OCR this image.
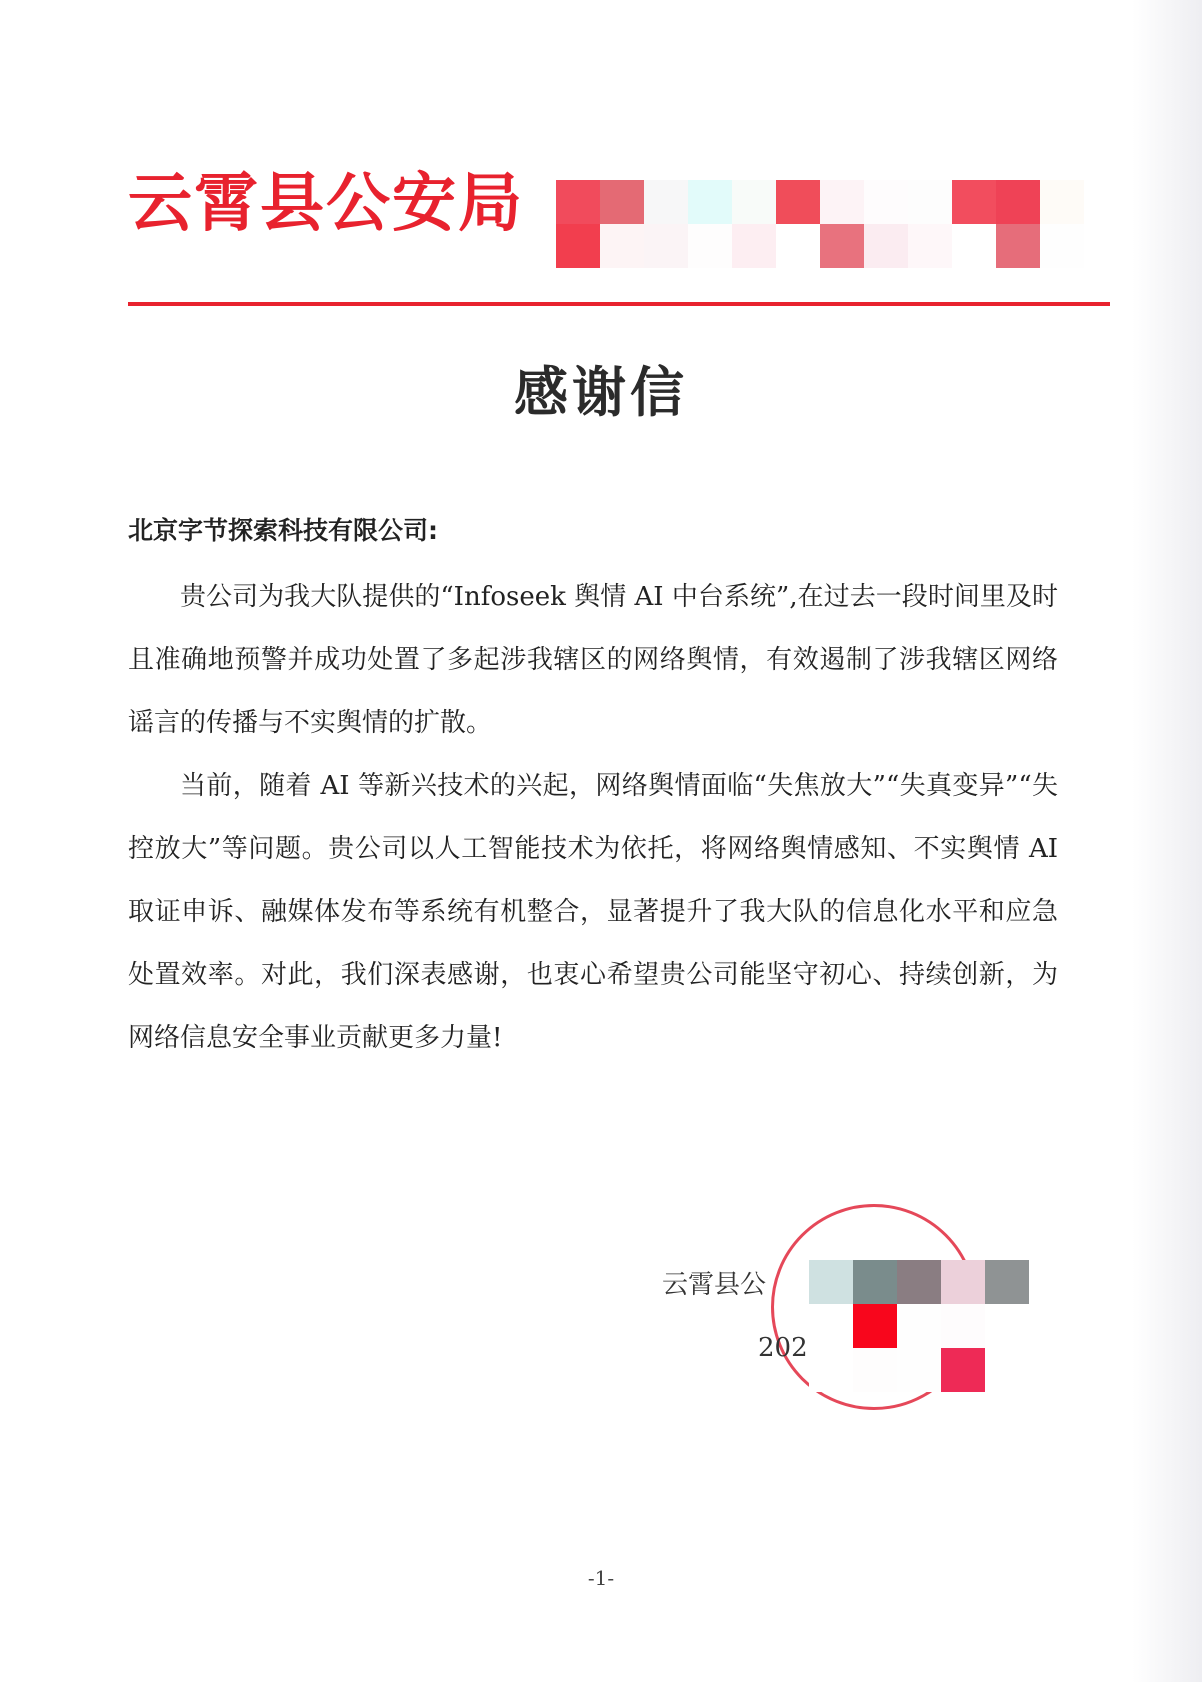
云霄县公安局
感谢信
北京字节探索科技有限公司:

贵公司为我大队提供的“Infoseek 舆情 AI 中台系统”,在过去一段时间里及时且准确地预警并成功处置了多起涉我辖区的网络舆情，有效遏制了涉我辖区网络谣言的传播与不实舆情的扩散。

当前，随着 AI 等新兴技术的兴起，网络舆情面临“失焦放大”“失真变异”“失控放大”等问题。贵公司以人工智能技术为依托，将网络舆情感知、不实舆情 AI 取证申诉、融媒体发布等系统有机整合，显著提升了我大队的信息化水平和应急处置效率。对此，我们深表感谢，也衷心希望贵公司能坚守初心、持续创新，为网络信息安全事业贡献更多力量!

云霄县公
202
-1-
